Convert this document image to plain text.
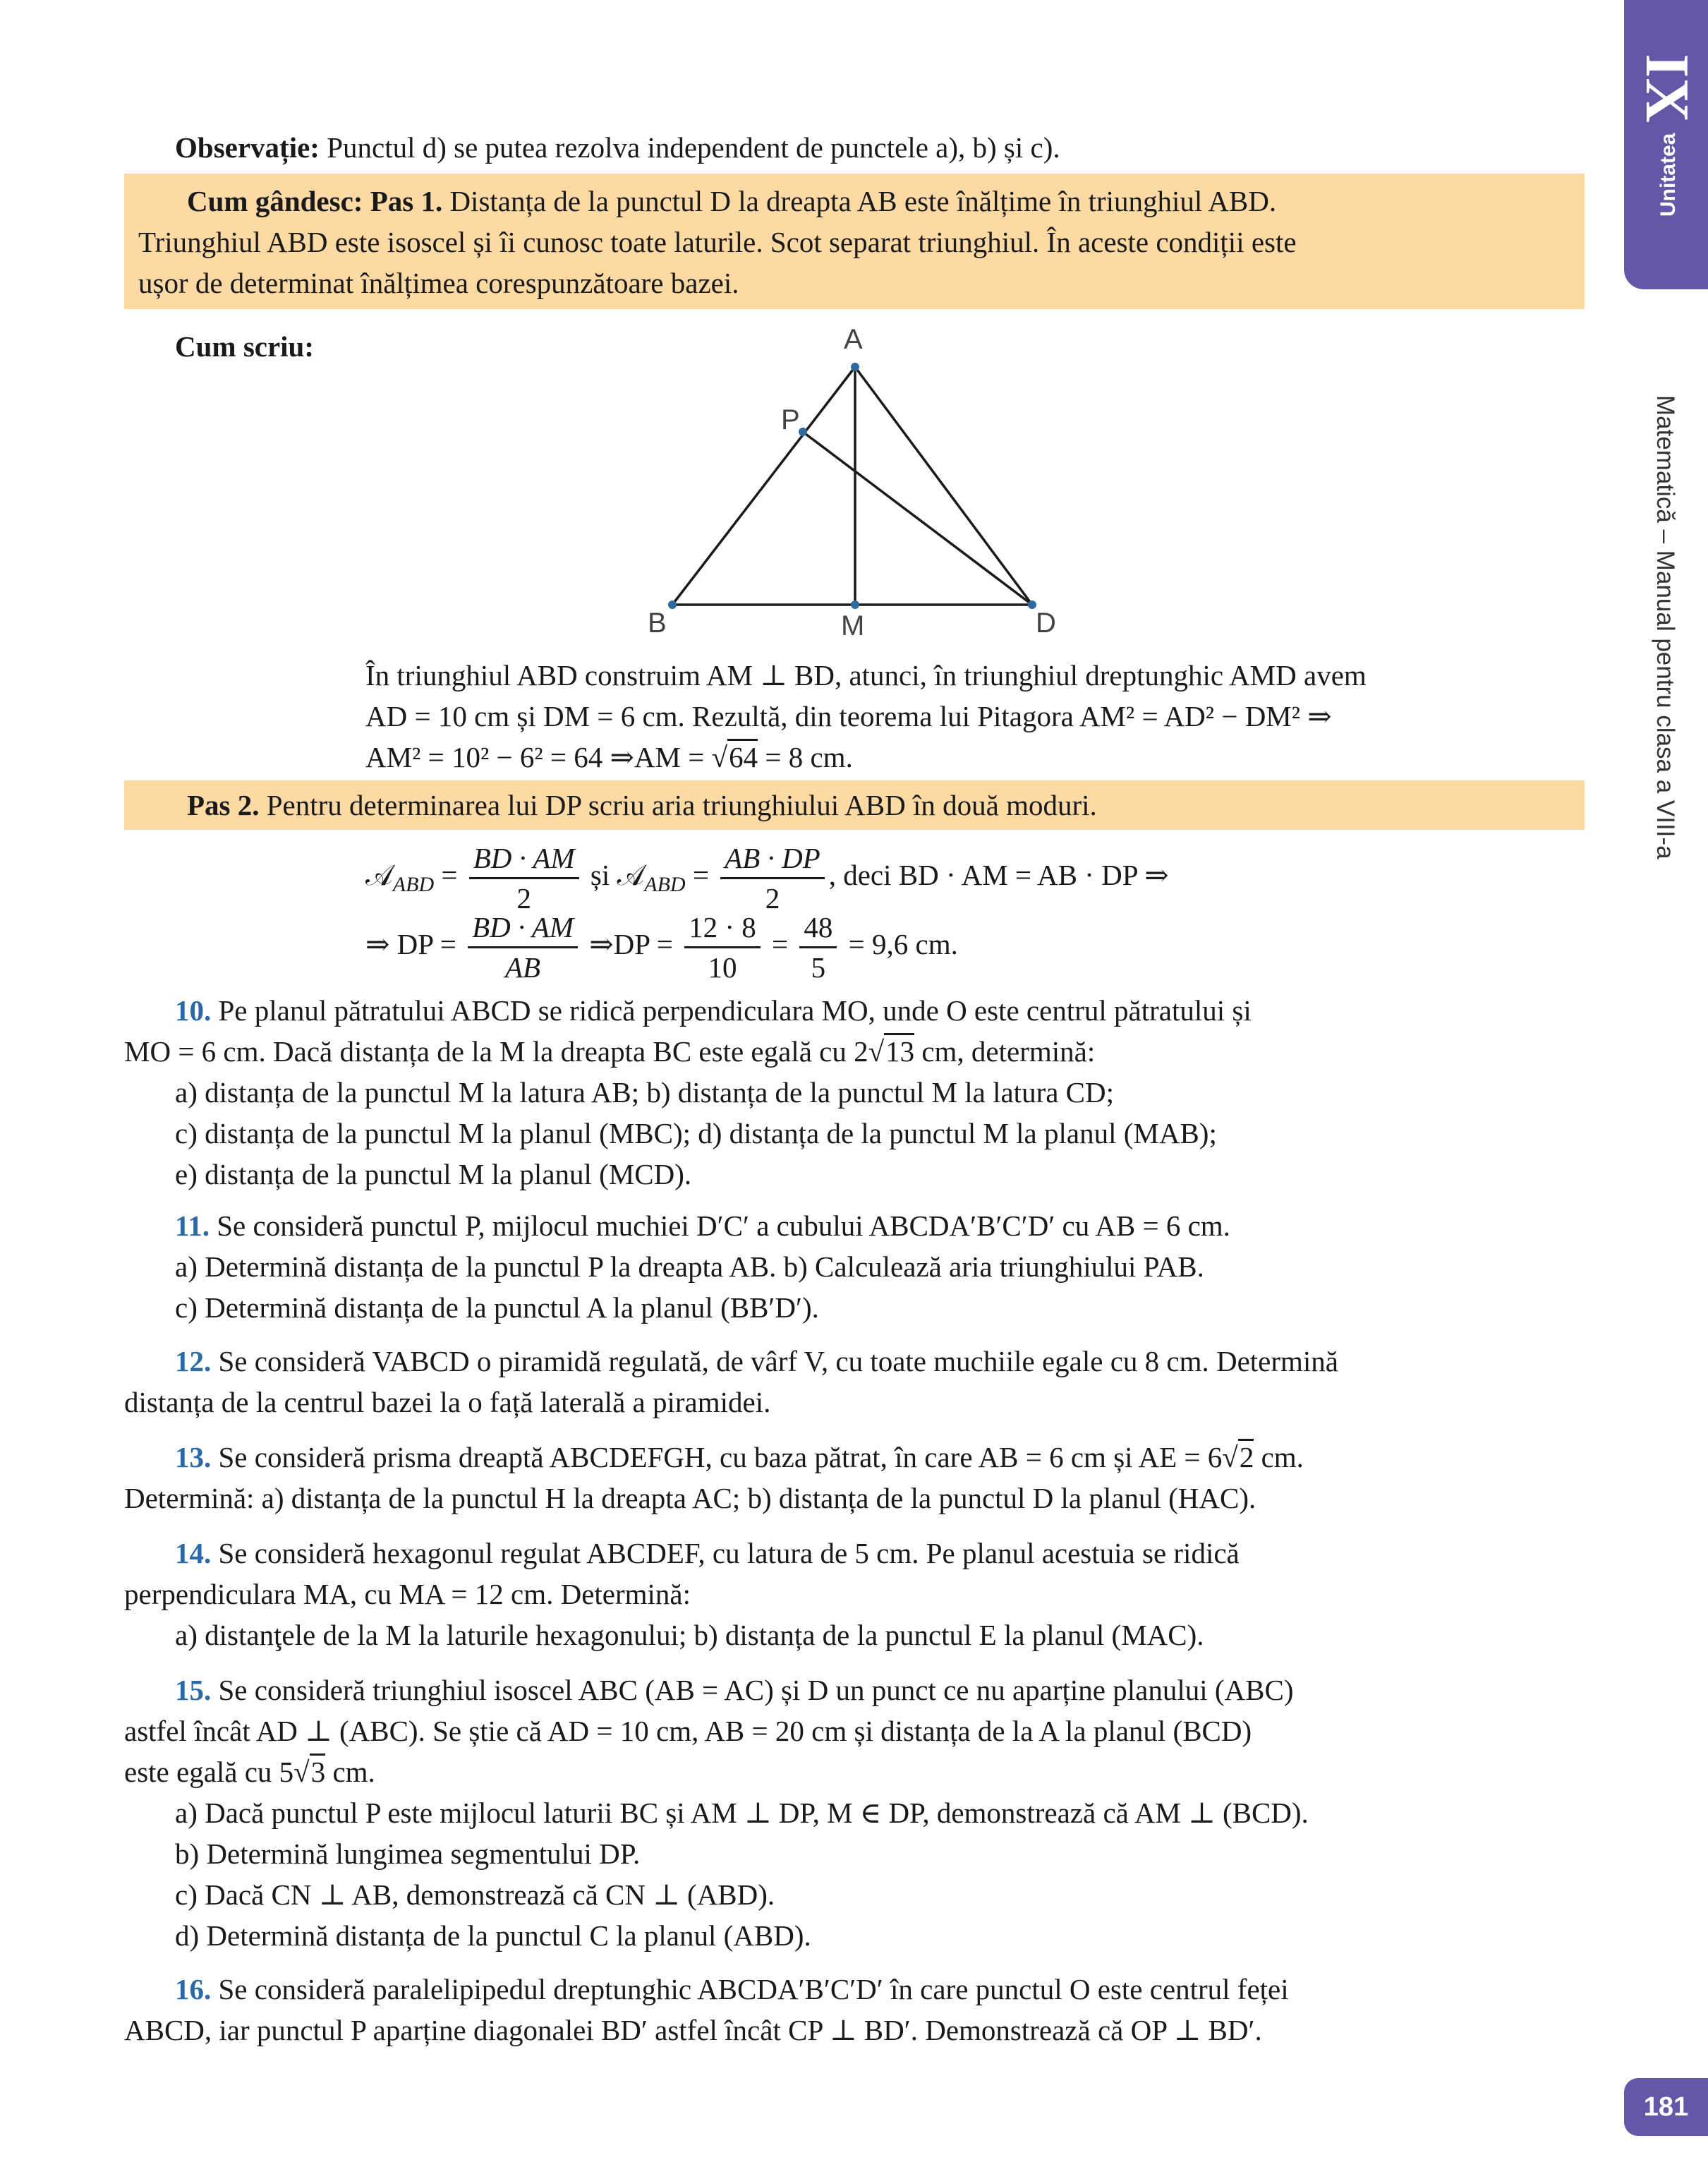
IX
Unitatea
Matematică – Manual pentru clasa a VIII-a
181
Observație: Punctul d) se putea rezolva independent de punctele a), b) și c).
Cum gândesc: Pas 1. Distanța de la punctul D la dreapta AB este înălțime în triunghiul ABD.
Triunghiul ABD este isoscel și îi cunosc toate laturile. Scot separat triunghiul. În aceste condiții este
ușor de determinat înălțimea corespunzătoare bazei.
Cum scriu:	A
P
B	M	D
În triunghiul ABD construim AM ⊥ BD, atunci, în triunghiul dreptunghic AMD avem
AD = 10 cm și DM = 6 cm. Rezultă, din teorema lui Pitagora AM² = AD² − DM² ⇒
AM² = 10² − 6² = 64 ⇒AM = √64 = 8 cm.
Pas 2. Pentru determinarea lui DP scriu aria triunghiului ABD în două moduri.
𝒜$_{ABD}$ = $\frac{BD \cdot AM}{2}$ și 𝒜$_{ABD}$ = $\frac{AB \cdot DP}{2}$ , deci BD · AM = AB · DP ⇒
⇒ DP = $\frac{BD \cdot AM}{AB}$ ⇒DP = $\frac{12 \cdot 8}{10} = \frac{48}{5} = 9,6$ cm.
10. Pe planul pătratului ABCD se ridică perpendiculara MO, unde O este centrul pătratului și
MO = 6 cm. Dacă distanța de la M la dreapta BC este egală cu 2√13 cm, determină:
a) distanța de la punctul M la latura AB; b) distanța de la punctul M la latura CD;
c) distanța de la punctul M la planul (MBC); d) distanța de la punctul M la planul (MAB);
e) distanța de la punctul M la planul (MCD).
11. Se consideră punctul P, mijlocul muchiei D′C′ a cubului ABCDA′B′C′D′ cu AB = 6 cm.
a) Determină distanța de la punctul P la dreapta AB. b) Calculează aria triunghiului PAB.
c) Determină distanța de la punctul A la planul (BB′D′).
12. Se consideră VABCD o piramidă regulată, de vârf V, cu toate muchiile egale cu 8 cm. Determină
distanța de la centrul bazei la o față laterală a piramidei.
13. Se consideră prisma dreaptă ABCDEFGH, cu baza pătrat, în care AB = 6 cm și AE = 6√2 cm.
Determină: a) distanța de la punctul H la dreapta AC; b) distanța de la punctul D la planul (HAC).
14. Se consideră hexagonul regulat ABCDEF, cu latura de 5 cm. Pe planul acestuia se ridică
perpendiculara MA, cu MA = 12 cm. Determină:
a) distanţele de la M la laturile hexagonului; b) distanța de la punctul E la planul (MAC).
15. Se consideră triunghiul isoscel ABC (AB = AC) și D un punct ce nu aparține planului (ABC)
astfel încât AD ⊥ (ABC). Se știe că AD = 10 cm, AB = 20 cm și distanța de la A la planul (BCD)
este egală cu 5√3 cm.
a) Dacă punctul P este mijlocul laturii BC și AM ⊥ DP, M ∈ DP, demonstrează că AM ⊥ (BCD).
b) Determină lungimea segmentului DP.
c) Dacă CN ⊥ AB, demonstrează că CN ⊥ (ABD).
d) Determină distanța de la punctul C la planul (ABD).
16. Se consideră paralelipipedul dreptunghic ABCDA′B′C′D′ în care punctul O este centrul feței
ABCD, iar punctul P aparține diagonalei BD′ astfel încât CP ⊥ BD′. Demonstrează că OP ⊥ BD′.
